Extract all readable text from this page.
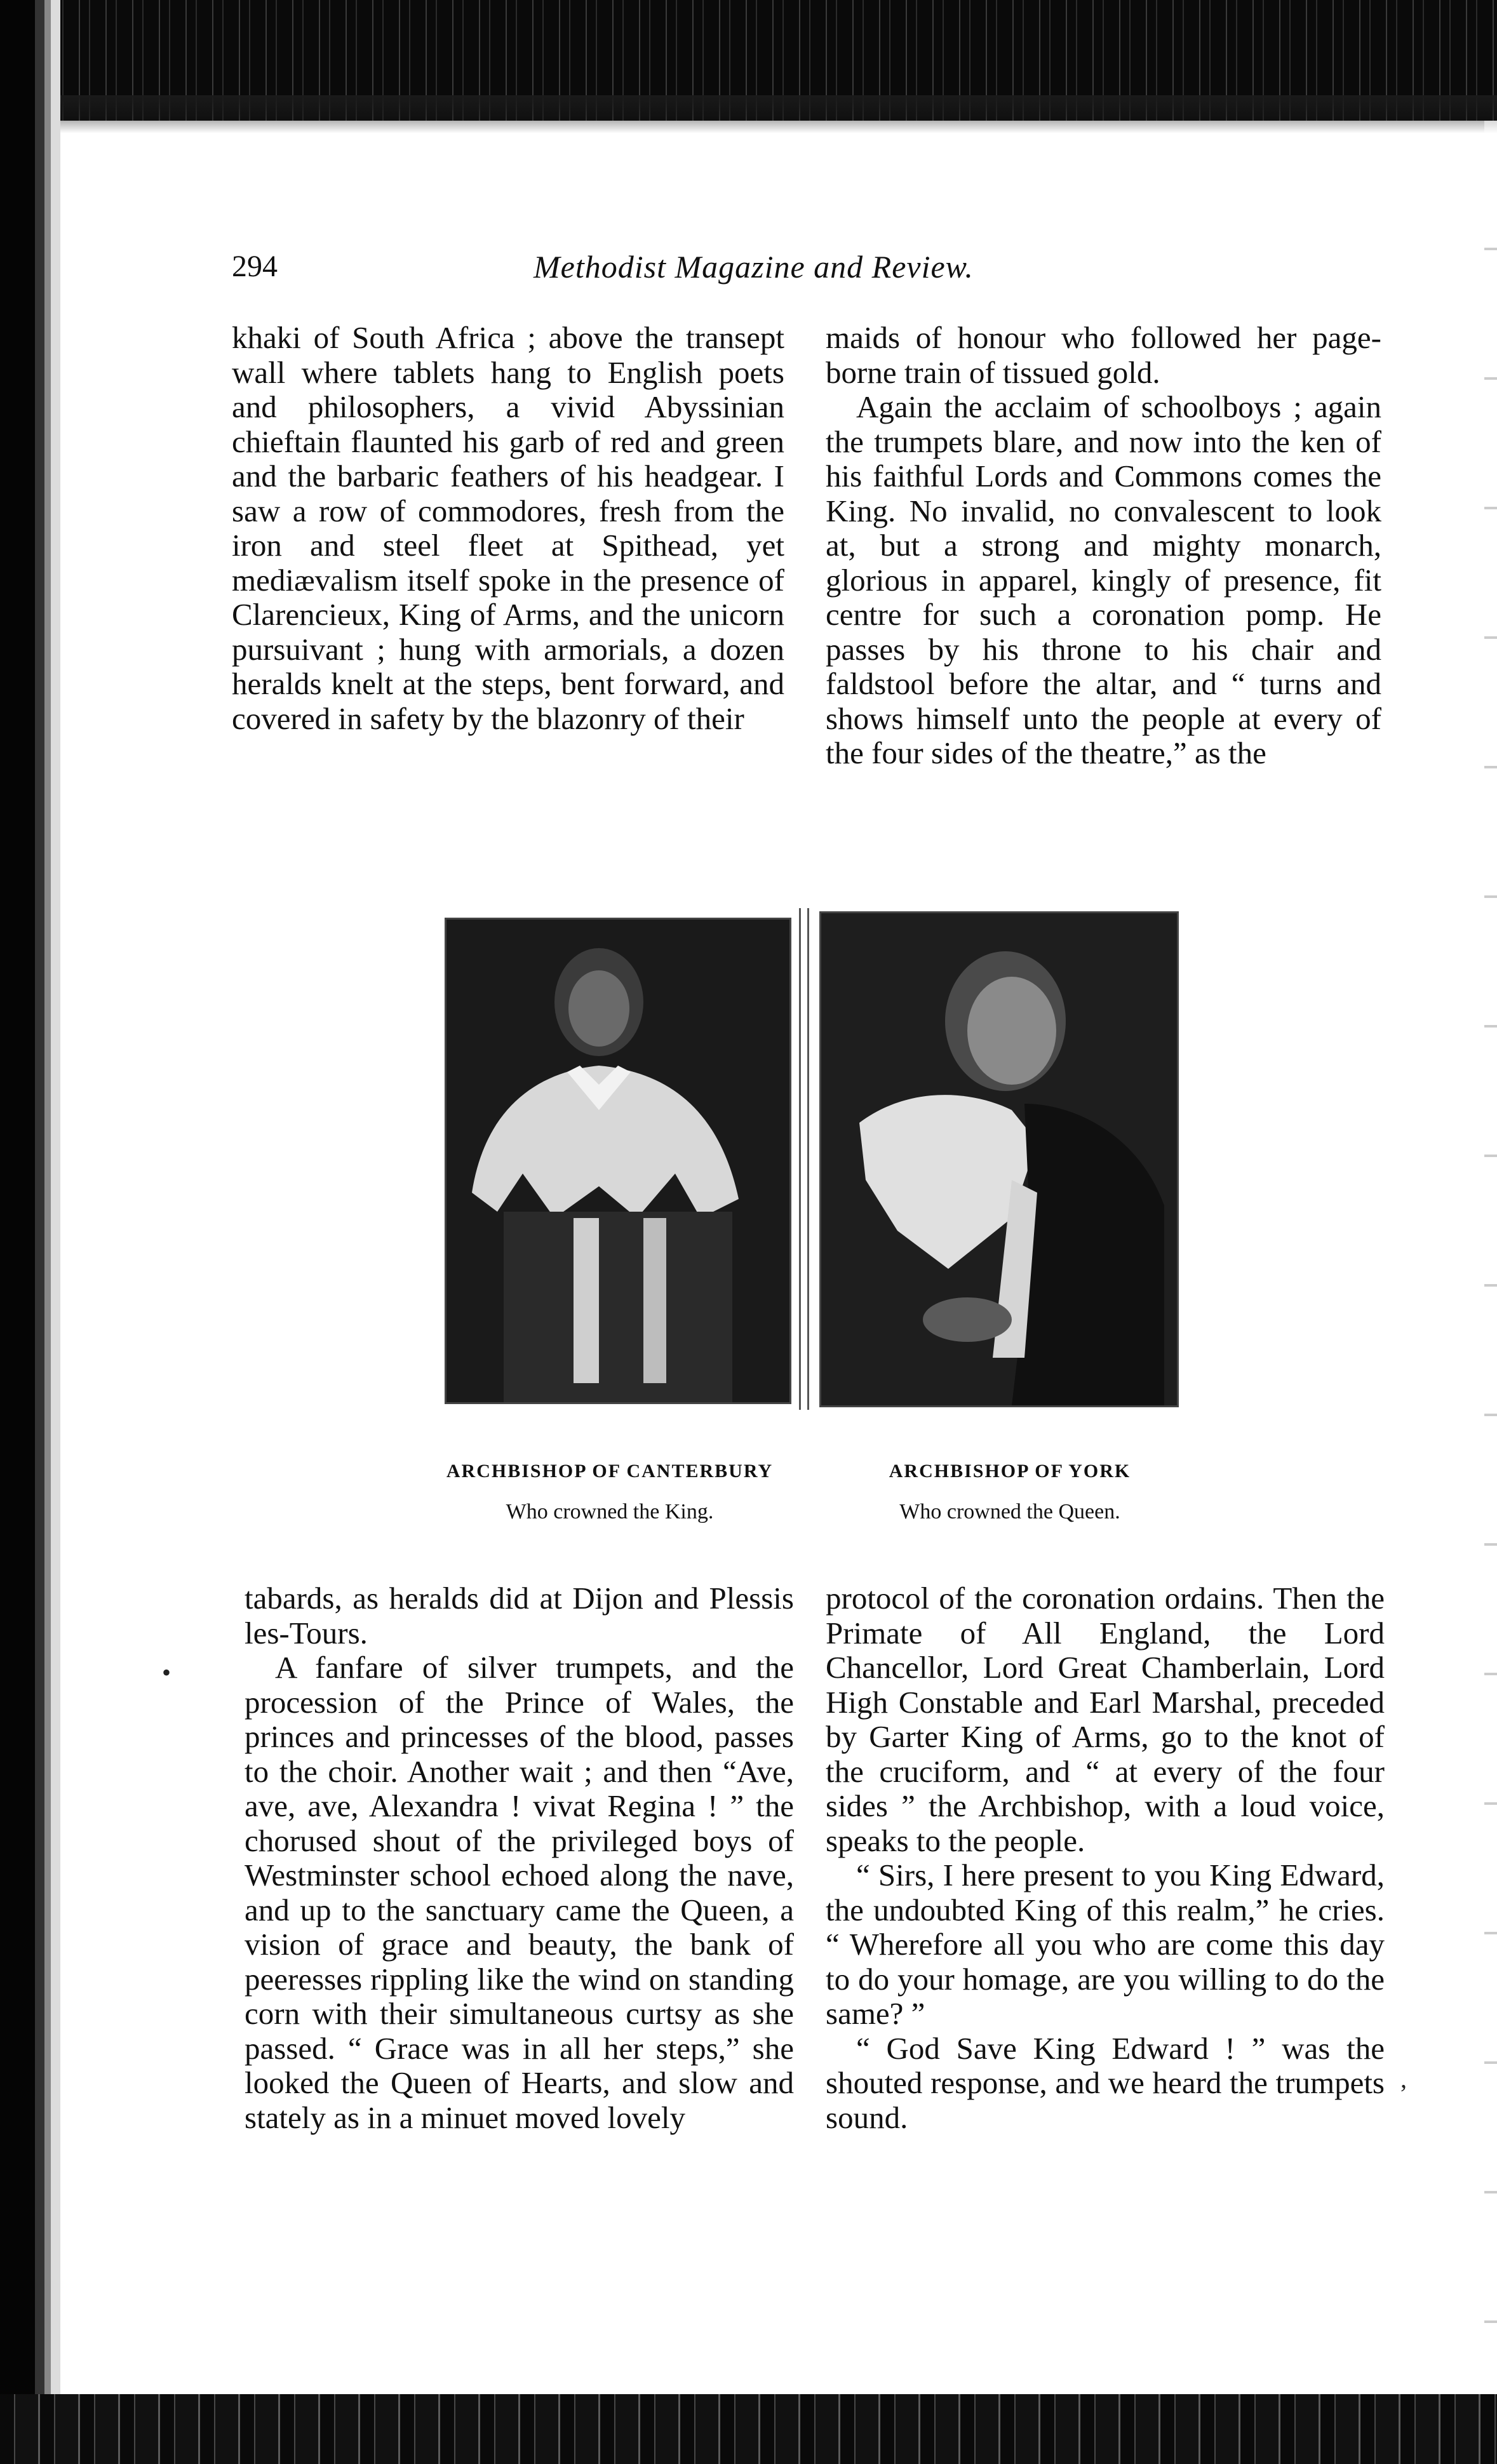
294	Methodist Magazine and Review.

khaki of South Africa ; above the transept wall where tablets hang to English poets and philosophers, a vivid Abyssinian chieftain flaunted his garb of red and green and the barbaric feathers of his headgear. I saw a row of commodores, fresh from the iron and steel fleet at Spithead, yet mediævalism itself spoke in the presence of Clarencieux, King of Arms, and the unicorn pursuivant ; hung with armorials, a dozen heralds knelt at the steps, bent forward, and covered in safety by the blazonry of their

maids of honour who followed her page-borne train of tissued gold.

Again the acclaim of schoolboys ; again the trumpets blare, and now into the ken of his faithful Lords and Commons comes the King. No invalid, no convalescent to look at, but a strong and mighty monarch, glorious in apparel, kingly of presence, fit centre for such a coronation pomp. He passes by his throne to his chair and faldstool before the altar, and “ turns and shows himself unto the people at every of the four sides of the theatre,” as the

ARCHBISHOP OF CANTERBURY
Who crowned the King.
ARCHBISHOP OF YORK
Who crowned the Queen.

tabards, as heralds did at Dijon and Plessis les-Tours.

A fanfare of silver trumpets, and the procession of the Prince of Wales, the princes and princesses of the blood, passes to the choir. Another wait ; and then “Ave, ave, ave, Alexandra ! vivat Regina ! ” the chorused shout of the privileged boys of Westminster school echoed along the nave, and up to the sanctuary came the Queen, a vision of grace and beauty, the bank of peeresses rippling like the wind on standing corn with their simultaneous curtsy as she passed. “ Grace was in all her steps,” she looked the Queen of Hearts, and slow and stately as in a minuet moved lovely

protocol of the coronation ordains. Then the Primate of All England, the Lord Chancellor, Lord Great Chamberlain, Lord High Constable and Earl Marshal, preceded by Garter King of Arms, go to the knot of the cruciform, and “ at every of the four sides ” the Archbishop, with a loud voice, speaks to the people.

“ Sirs, I here present to you King Edward, the undoubted King of this realm,” he cries. “ Wherefore all you who are come this day to do your homage, are you willing to do the same? ”

“ God Save King Edward ! ” was the shouted response, and we heard the trumpets sound.

•
,
